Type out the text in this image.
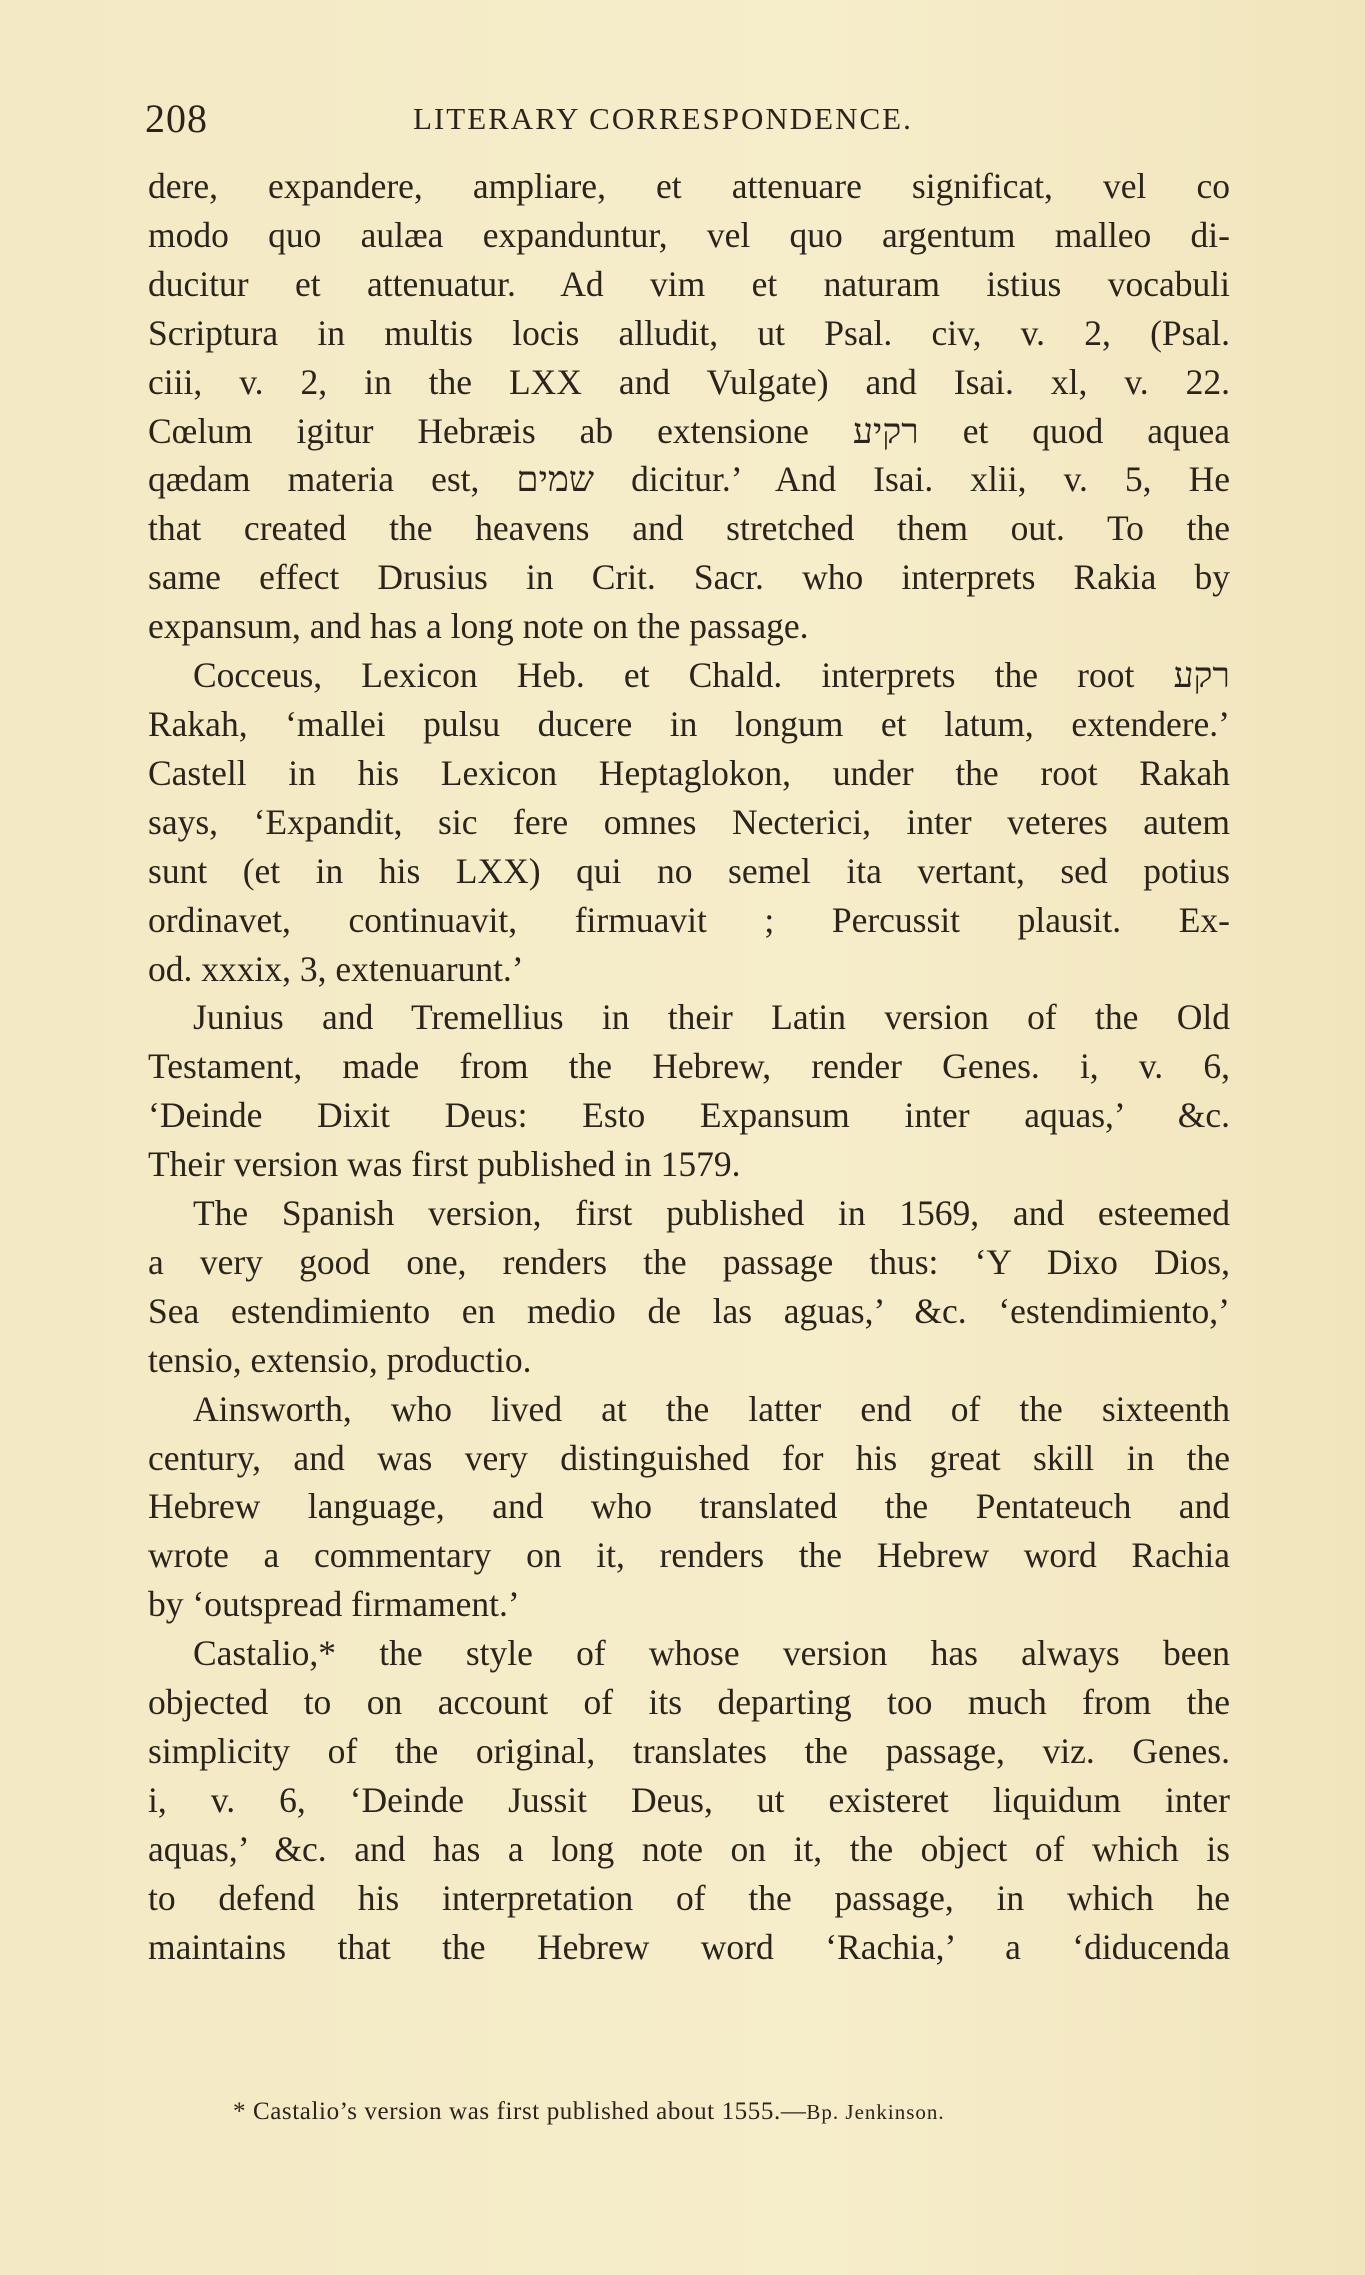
208	LITERARY CORRESPONDENCE.
dere, expandere, ampliare, et attenuare significat, vel co
modo quo aulæa expanduntur, vel quo argentum malleo di-
ducitur et attenuatur. Ad vim et naturam istius vocabuli
Scriptura in multis locis alludit, ut Psal. civ, v. 2, (Psal.
ciii, v. 2, in the LXX and Vulgate) and Isai. xl, v. 22.
Cœlum igitur Hebræis ab extensione רקיע et quod aquea
qædam materia est, שמים dicitur.’ And Isai. xlii, v. 5, He
that created the heavens and stretched them out. To the
same effect Drusius in Crit. Sacr. who interprets Rakia by
expansum, and has a long note on the passage.
Cocceus, Lexicon Heb. et Chald. interprets the root רקע
Rakah, ‘mallei pulsu ducere in longum et latum, extendere.’
Castell in his Lexicon Heptaglokon, under the root Rakah
says, ‘Expandit, sic fere omnes Necterici, inter veteres autem
sunt (et in his LXX) qui no semel ita vertant, sed potius
ordinavet, continuavit, firmuavit ; Percussit plausit. Ex-
od. xxxix, 3, extenuarunt.’
Junius and Tremellius in their Latin version of the Old
Testament, made from the Hebrew, render Genes. i, v. 6,
‘Deinde Dixit Deus: Esto Expansum inter aquas,’ &c.
Their version was first published in 1579.
The Spanish version, first published in 1569, and esteemed
a very good one, renders the passage thus: ‘Y Dixo Dios,
Sea estendimiento en medio de las aguas,’ &c. ‘estendimiento,’
tensio, extensio, productio.
Ainsworth, who lived at the latter end of the sixteenth
century, and was very distinguished for his great skill in the
Hebrew language, and who translated the Pentateuch and
wrote a commentary on it, renders the Hebrew word Rachia
by ‘outspread firmament.’
Castalio,* the style of whose version has always been
objected to on account of its departing too much from the
simplicity of the original, translates the passage, viz. Genes.
i, v. 6, ‘Deinde Jussit Deus, ut existeret liquidum inter
aquas,’ &c. and has a long note on it, the object of which is
to defend his interpretation of the passage, in which he
maintains that the Hebrew word ‘Rachia,’ a ‘diducenda
* Castalio’s version was first published about 1555.—Bp. Jenkinson.
